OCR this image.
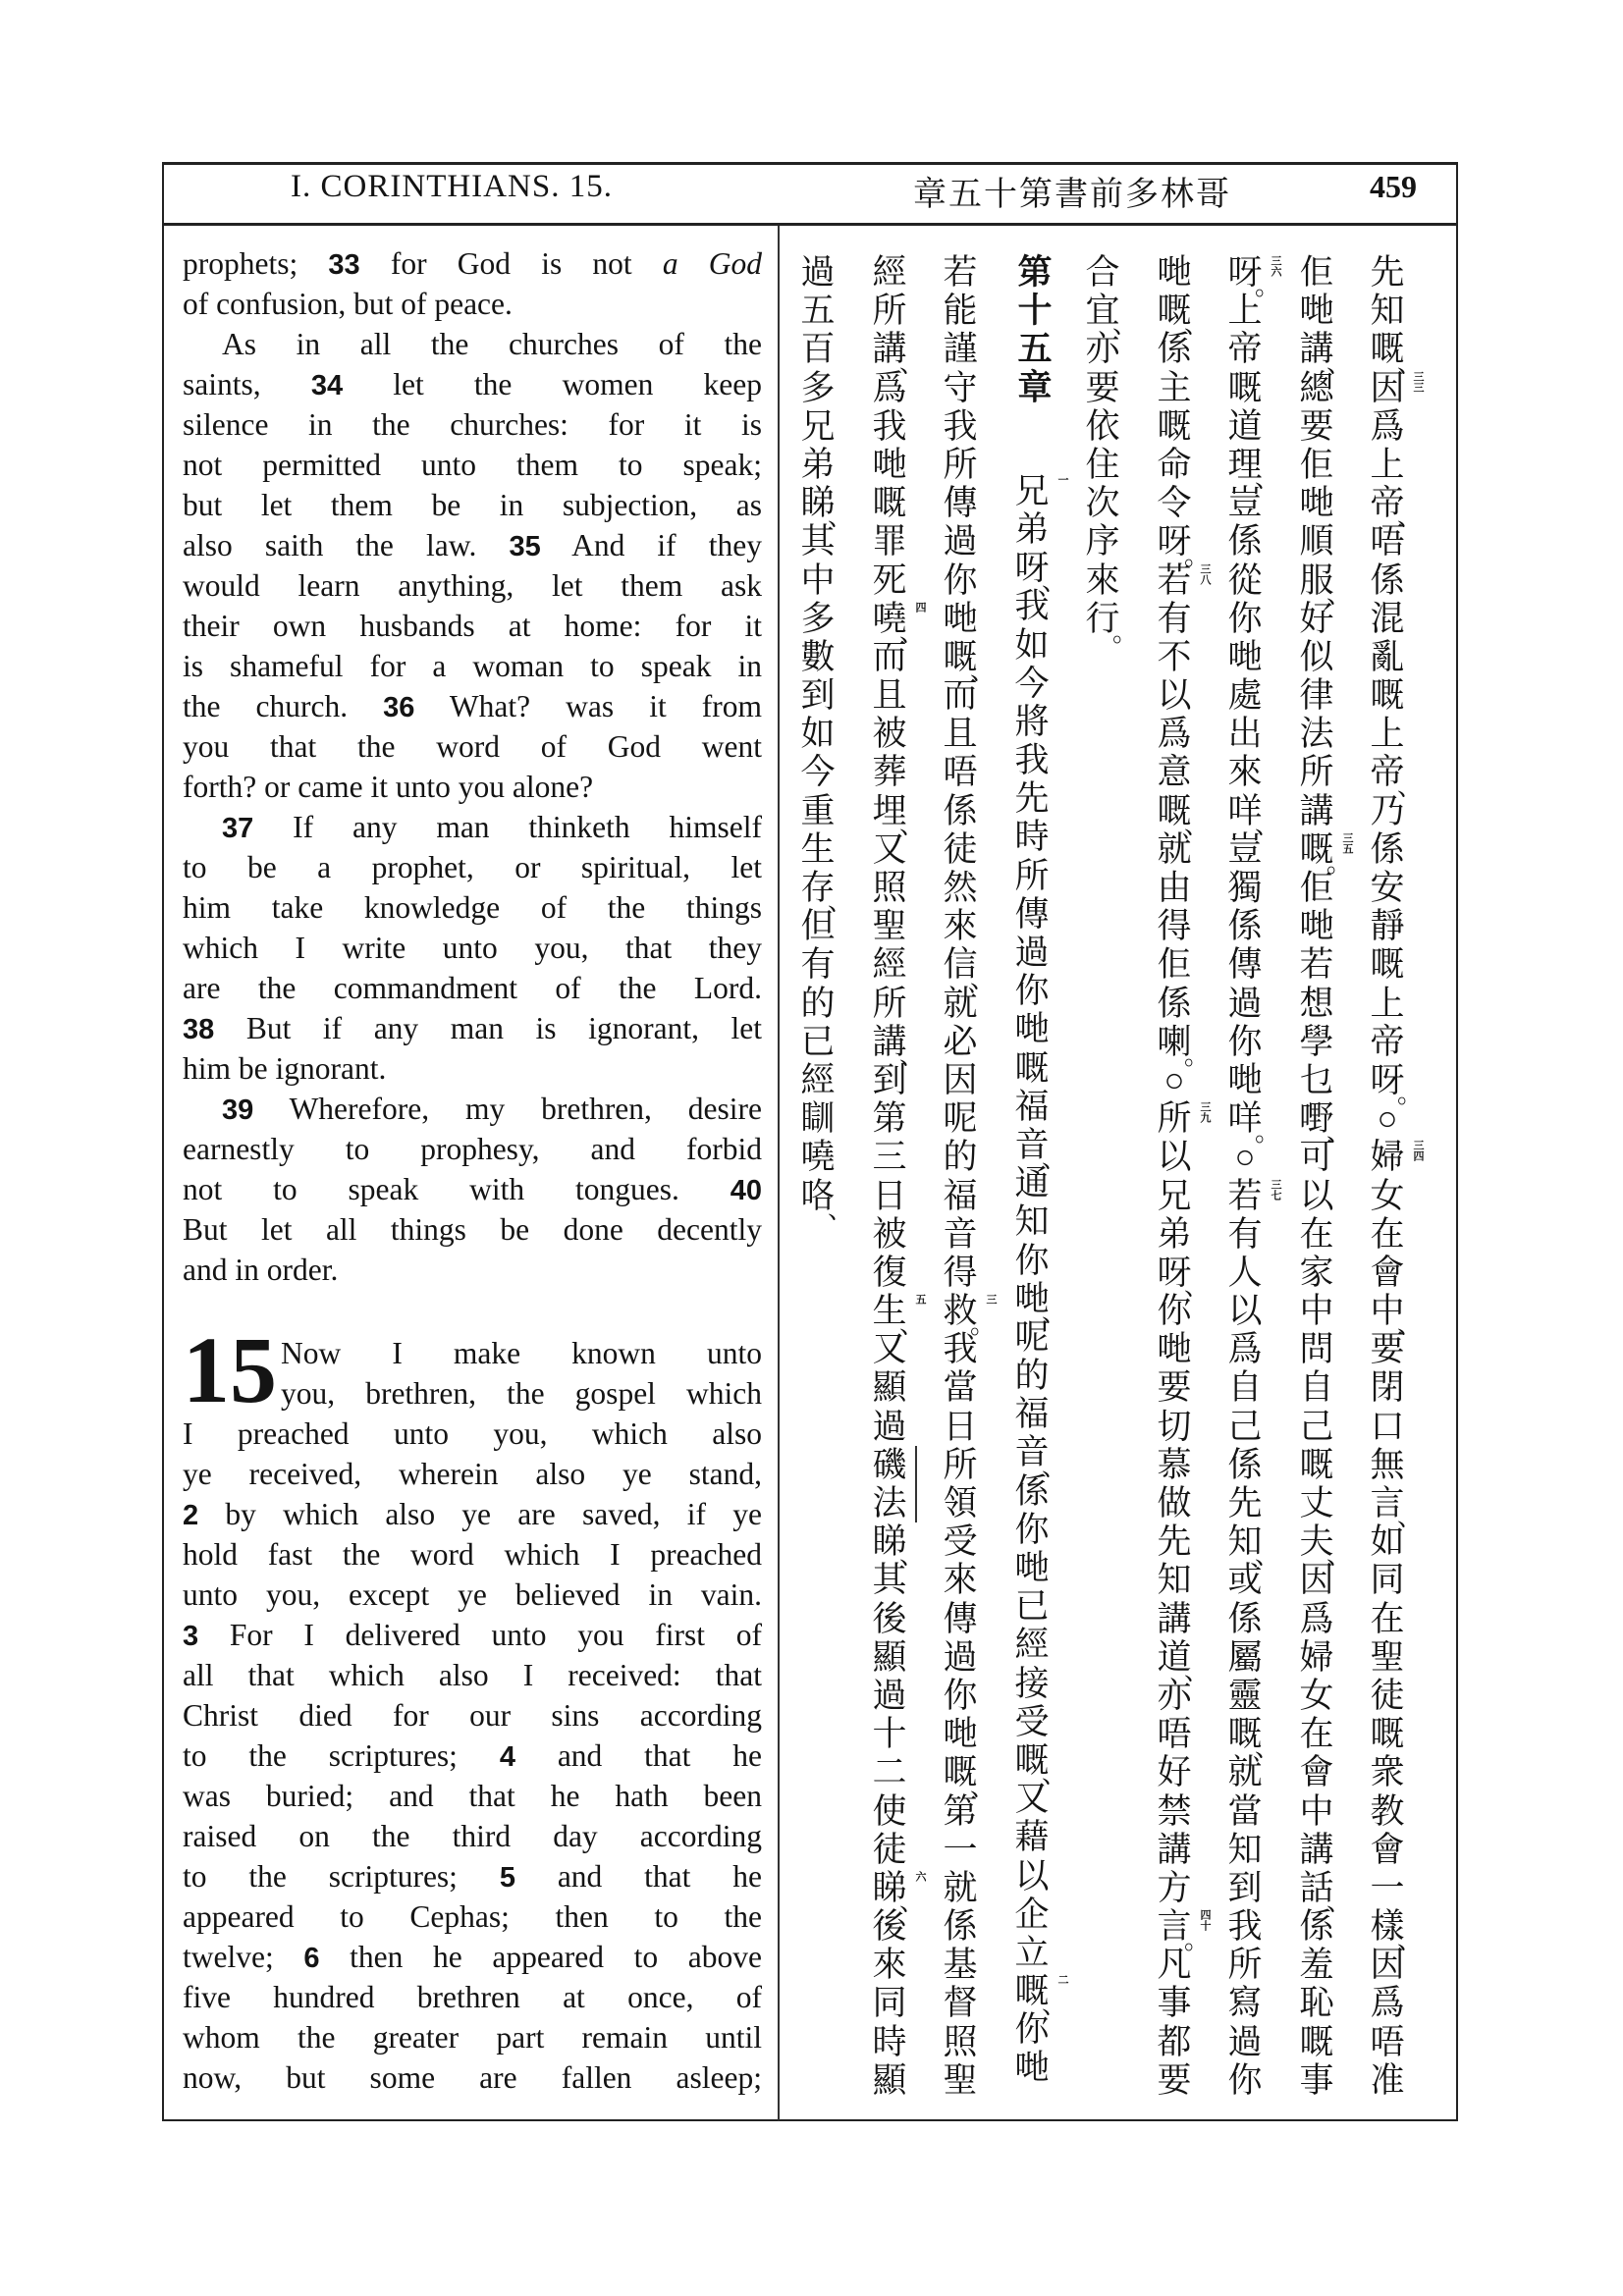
I. CORINTHIANS. 15.	哥
林
多
前
書
第
十
五
章	459
15
prophets; 33 for God is not a God
of confusion, but of peace.
As in all the churches of the
saints, 34 let the women keep
silence in the churches: for it is
not permitted unto them to speak;
but let them be in subjection, as
also saith the law. 35 And if they
would learn anything, let them ask
their own husbands at home: for it
is shameful for a woman to speak in
the church. 36 What? was it from
you that the word of God went
forth? or came it unto you alone?
37 If any man thinketh himself
to be a prophet, or spiritual, let
him take knowledge of the things
which I write unto you, that they
are the commandment of the Lord.
38 But if any man is ignorant, let
him be ignorant.
39 Wherefore, my brethren, desire
earnestly to prophesy, and forbid
not to speak with tongues. 40
But let all things be done decently
and in order.
Now I make known unto
you, brethren, the gospel which
I preached unto you, which also
ye received, wherein also ye stand,
2 by which also ye are saved, if ye
hold fast the word which I preached
unto you, except ye believed in vain.
3 For I delivered unto you first of
all that which also I received: that
Christ died for our sins according
to the scriptures; 4 and that he
was buried; and that he hath been
raised on the third day according
to the scriptures; 5 and that he
appeared to Cephas; then to the
twelve; 6 then he appeared to above
five hundred brethren at once, of
whom the greater part remain until
now, but some are fallen asleep;
先
知
嘅
、
因 三三
爲
上
帝
、
唔
係
混
亂
嘅
上
帝
、
乃
係
安
靜
嘅
上
帝
呀
。
○
婦 三四
女
在
會
中
、
要
閉
口
無
言
、
如
同
在
聖
徒
嘅
衆
教
會
一
樣
、
因
爲
唔
准
佢
哋
講
、
總
要
佢
哋
順
服
、
好
似
律
法
所
講
嘅
。
三五
佢
哋
若
想
學
乜
嘢
、
可
以
在
家
中
問
自
己
嘅
丈
夫
、
因
爲
婦
女
在
會
中
講
話
、
係
羞
恥
嘅
事
呀
。
三六
上
帝
嘅
道
理
、
豈
係
從
你
哋
處
出
來
咩
、
豈
獨
係
傳
過
你
哋
咩
。
○
若 三七
有
人
以
爲
自
己
係
先
知
、
或
係
屬
靈
嘅
、
就
當
知
到
我
所
寫
過
你
哋
嘅
、
係
主
嘅
命
令
呀
。
若 三八
有
不
以
爲
意
嘅
、
就
由
得
佢
係
喇
。
○
所 三九
以
兄
弟
呀
、
你
哋
要
切
慕
做
先
知
講
道
、
亦
唔
好
禁
講
方
言
。
四十
凡
事
都
要
合
宜
、
亦
要
依
住
次
序
來
行
。
兄 一
弟
呀
、
我
如
今
將
我
先
時
所
傳
過
你
哋
嘅
福
音
、
通
知
你
哋
、
呢
的
福
音
、
係
你
哋
已
經
接
受
嘅
、
又
藉
以
企
立
嘅
、
二
你
哋
若
能
謹
守
我
所
傳
過
你
哋
嘅
、
而
且
唔
係
徒
然
來
信
、
就
必
因
呢
的
福
音
得
救
。
三
我
當
日
所
領
受
來
傳
過
你
哋
嘅
、
第
一
就
係
基
督
照
聖
經
所
講
、
爲
我
哋
嘅
罪
死
嘵
、
四
而
且
被
葬
埋
、
又
照
聖
經
所
講
、
到
第
三
日
被
復
生
、
五
又
顯
過
磯
法
睇
、
其
後
顯
過
十
二
使
徒
睇
、
六
後
來
同
時
顯
過
五
百
多
兄
弟
睇
、
其
中
多
數
到
如
今
重
生
存
、
但
有
的
已
經
瞓
嘵
咯
、
第十五章
